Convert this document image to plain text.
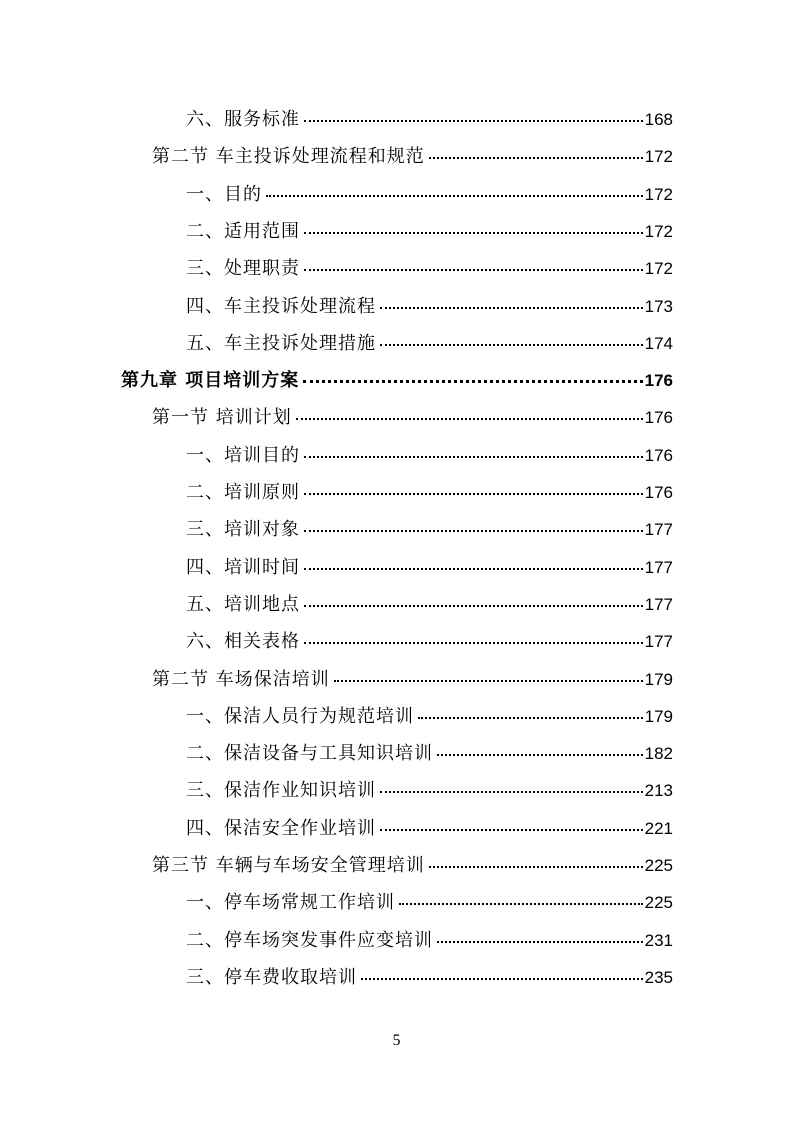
六、服务标准	168
第二节 车主投诉处理流程和规范	172
一、目的	172
二、适用范围	172
三、处理职责	172
四、车主投诉处理流程	173
五、车主投诉处理措施	174
第九章 项目培训方案	176
第一节 培训计划	176
一、培训目的	176
二、培训原则	176
三、培训对象	177
四、培训时间	177
五、培训地点	177
六、相关表格	177
第二节 车场保洁培训	179
一、保洁人员行为规范培训	179
二、保洁设备与工具知识培训	182
三、保洁作业知识培训	213
四、保洁安全作业培训	221
第三节 车辆与车场安全管理培训	225
一、停车场常规工作培训	225
二、停车场突发事件应变培训	231
三、停车费收取培训	235
5
